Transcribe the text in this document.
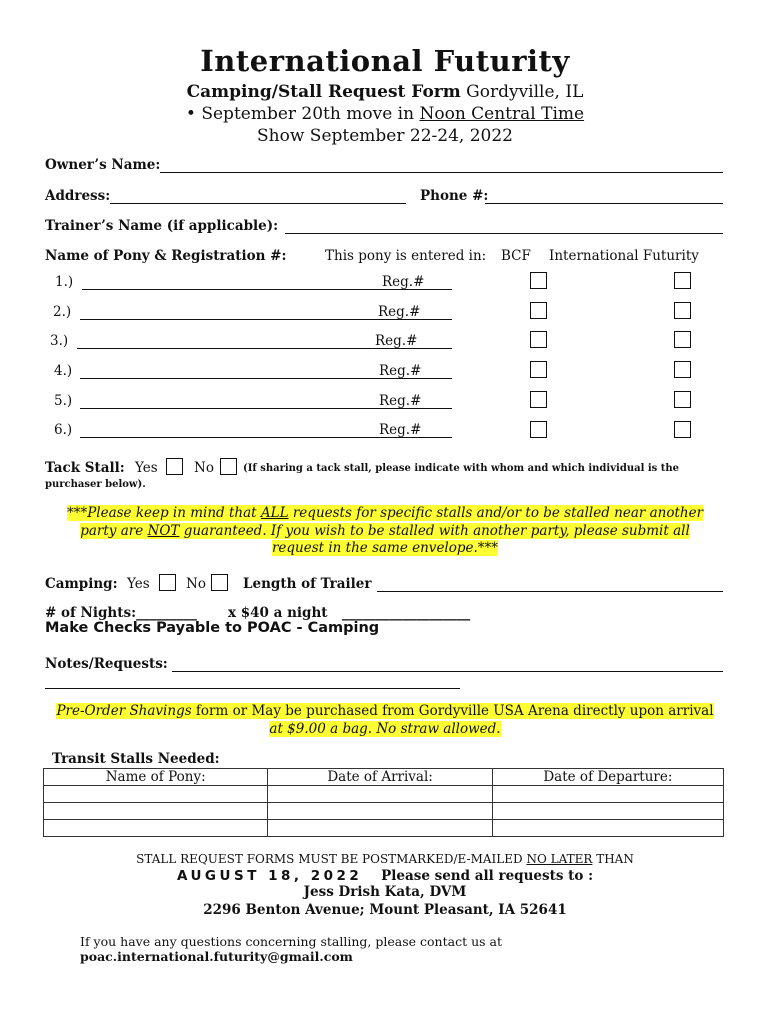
International Futurity
Camping/Stall Request Form Gordyville, IL
• September 20th move in Noon Central Time
Show September 22-24, 2022
Owner’s Name:
Address:	Phone #:
Trainer’s Name (if applicable):
Name of Pony & Registration #:	This pony is entered in: BCF International Futurity
1.)	Reg.#
2.)	Reg.#
3.)	Reg.#
4.)	Reg.#
5.)	Reg.#
6.)	Reg.#
Tack Stall: Yes	No	(If sharing a tack stall, please indicate with whom and which individual is the
purchaser below).
***Please keep in mind that ALL requests for specific stalls and/or to be stalled near another
party are NOT guaranteed. If you wish to be stalled with another party, please submit all
request in the same envelope.***
Camping: Yes	No	Length of Trailer
# of Nights:_________ x $40 a night ___________________
Make Checks Payable to POAC - Camping
Notes/Requests:
Pre-Order Shavings form or May be purchased from Gordyville USA Arena directly upon arrival
at $9.00 a bag. No straw allowed.
Transit Stalls Needed:
Name of Pony:	Date of Arrival:	Date of Departure:

STALL REQUEST FORMS MUST BE POSTMARKED/E-MAILED NO LATER THAN
AUGUST 18, 2022    Please send all requests to :
Jess Drish Kata, DVM
2296 Benton Avenue; Mount Pleasant, IA 52641
If you have any questions concerning stalling, please contact us at
poac.international.futurity@gmail.com
